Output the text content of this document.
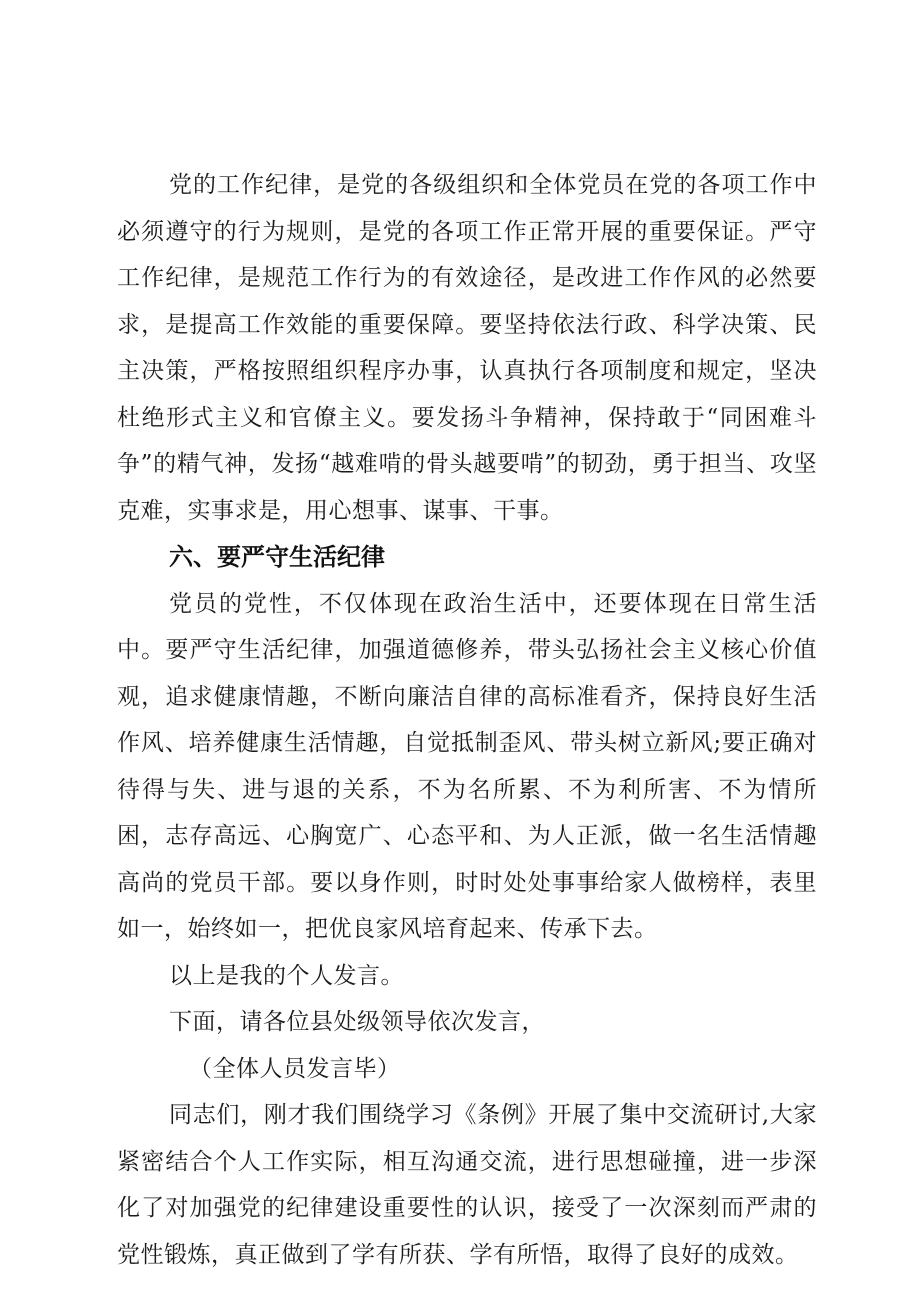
党的工作纪律，是党的各级组织和全体党员在党的各项工作中必须遵守的行为规则，是党的各项工作正常开展的重要保证。严守工作纪律，是规范工作行为的有效途径，是改进工作作风的必然要求，是提高工作效能的重要保障。要坚持依法行政、科学决策、民主决策，严格按照组织程序办事，认真执行各项制度和规定，坚决杜绝形式主义和官僚主义。要发扬斗争精神，保持敢于“同困难斗争”的精气神，发扬“越难啃的骨头越要啃”的韧劲，勇于担当、攻坚克难，实事求是，用心想事、谋事、干事。

六、要严守生活纪律

党员的党性，不仅体现在政治生活中，还要体现在日常生活中。要严守生活纪律，加强道德修养，带头弘扬社会主义核心价值观，追求健康情趣，不断向廉洁自律的高标准看齐，保持良好生活作风、培养健康生活情趣，自觉抵制歪风、带头树立新风;要正确对待得与失、进与退的关系，不为名所累、不为利所害、不为情所困，志存高远、心胸宽广、心态平和、为人正派，做一名生活情趣高尚的党员干部。要以身作则，时时处处事事给家人做榜样，表里如一，始终如一，把优良家风培育起来、传承下去。

以上是我的个人发言。

下面，请各位县处级领导依次发言，

（全体人员发言毕）

同志们，刚才我们围绕学习《条例》开展了集中交流研讨,大家紧密结合个人工作实际，相互沟通交流，进行思想碰撞，进一步深化了对加强党的纪律建设重要性的认识，接受了一次深刻而严肃的党性锻炼，真正做到了学有所获、学有所悟，取得了良好的成效。
